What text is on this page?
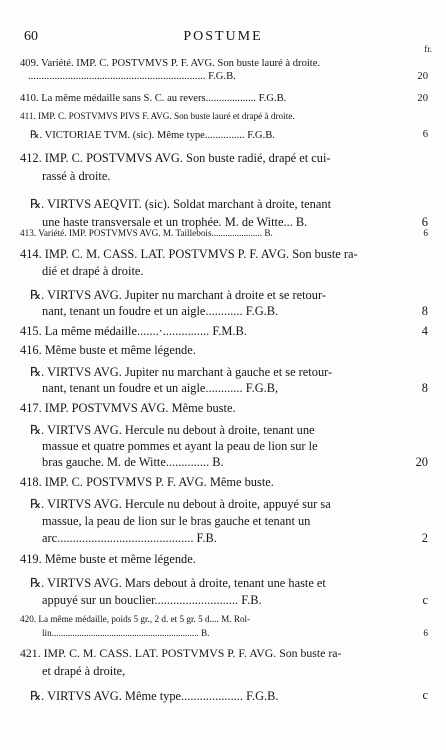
60	POSTUME
fr.
409. Variété. IMP. C. POSTVMVS P. F. AVG. Son buste lauré à droite.
................................................................... F.G.B.	20
410. La même médaille sans S. C. au revers................... F.G.B.	20
411. IMP. C. POSTVMVS PIVS F. AVG. Son buste lauré et drapé à droite.
℞. VICTORIAE TVM. (sic). Même type............... F.G.B.	6
412. IMP. C. POSTVMVS AVG. Son buste radié, drapé et cui-
rassé à droite.
℞. VIRTVS AEQVIT. (sic). Soldat marchant à droite, tenant
une haste transversale et un trophée. M. de Witte... B.	6
413. Variété. IMP. POSTVMVS AVG. M. Taillebois...................... B.	6
414. IMP. C. M. CASS. LAT. POSTVMVS P. F. AVG. Son buste ra-
dié et drapé à droite.
℞. VIRTVS AVG. Jupiter nu marchant à droite et se retour-
nant, tenant un foudre et un aigle............ F.G.B.	8
415. La même médaille.......·............... F.M.B.	4
416. Même buste et même légende.
℞. VIRTVS AVG. Jupiter nu marchant à gauche et se retour-
nant, tenant un foudre et un aigle............ F.G.B,	8
417. IMP. POSTVMVS AVG. Même buste.
℞. VIRTVS AVG. Hercule nu debout à droite, tenant une
massue et quatre pommes et ayant la peau de lion sur le
bras gauche. M. de Witte.............. B.	20
418. IMP. C. POSTVMVS P. F. AVG. Même buste.
℞. VIRTVS AVG. Hercule nu debout à droite, appuyé sur sa
massue, la peau de lion sur le bras gauche et tenant un
arc............................................ F.B.	2
419. Même buste et même légende.
℞. VIRTVS AVG. Mars debout à droite, tenant une haste et
appuyé sur un bouclier........................... F.B.	c
420. La même médaille, poids 5 gr., 2 d. et 5 gr. 5 d.... M. Rol-
lin................................................................ B.	6
421. IMP. C. M. CASS. LAT. POSTVMVS P. F. AVG. Son buste ra-
et drapé à droite,
℞. VIRTVS AVG. Même type.................... F.G.B.	c
